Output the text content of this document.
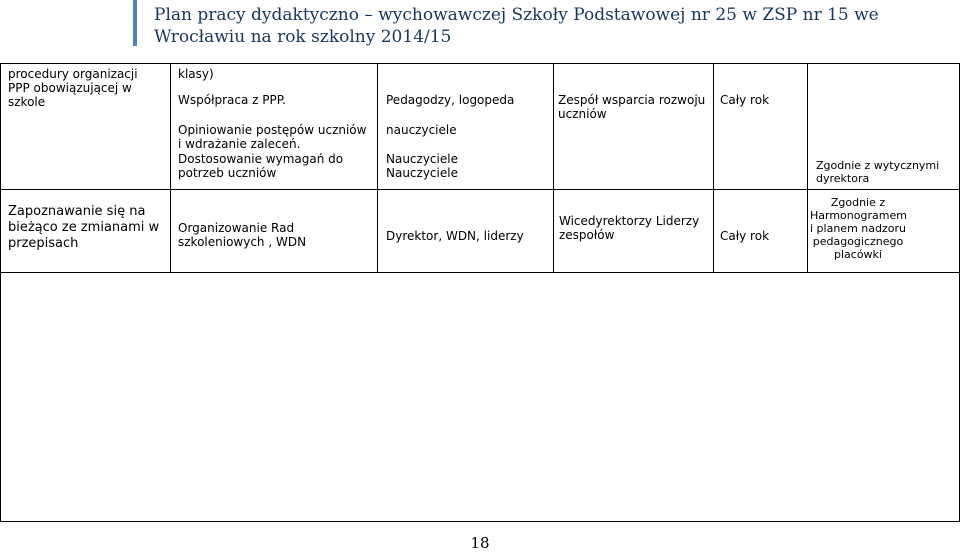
Plan pracy dydaktyczno – wychowawczej Szkoły Podstawowej nr 25 w ZSP nr 15 we Wrocławiu na rok szkolny 2014/15
procedury organizacji PPP obowiązującej w szkole
klasy)
Współpraca z PPP.
Opiniowanie postępów uczniów i wdrażanie zaleceń.
Dostosowanie wymagań do potrzeb uczniów
Pedagodzy, logopeda
nauczyciele
Nauczyciele
Nauczyciele
Zespół wsparcia rozwoju uczniów
Cały rok
Zgodnie z wytycznymi dyrektora
Zapoznawanie się na bieżąco ze zmianami w przepisach
Organizowanie Rad szkoleniowych , WDN	Dyrektor, WDN, liderzy
Wicedyrektorzy Liderzy zespołów	Cały rok
Zgodnie z Harmonogramem i planem nadzoru pedagogicznego placówki
18
